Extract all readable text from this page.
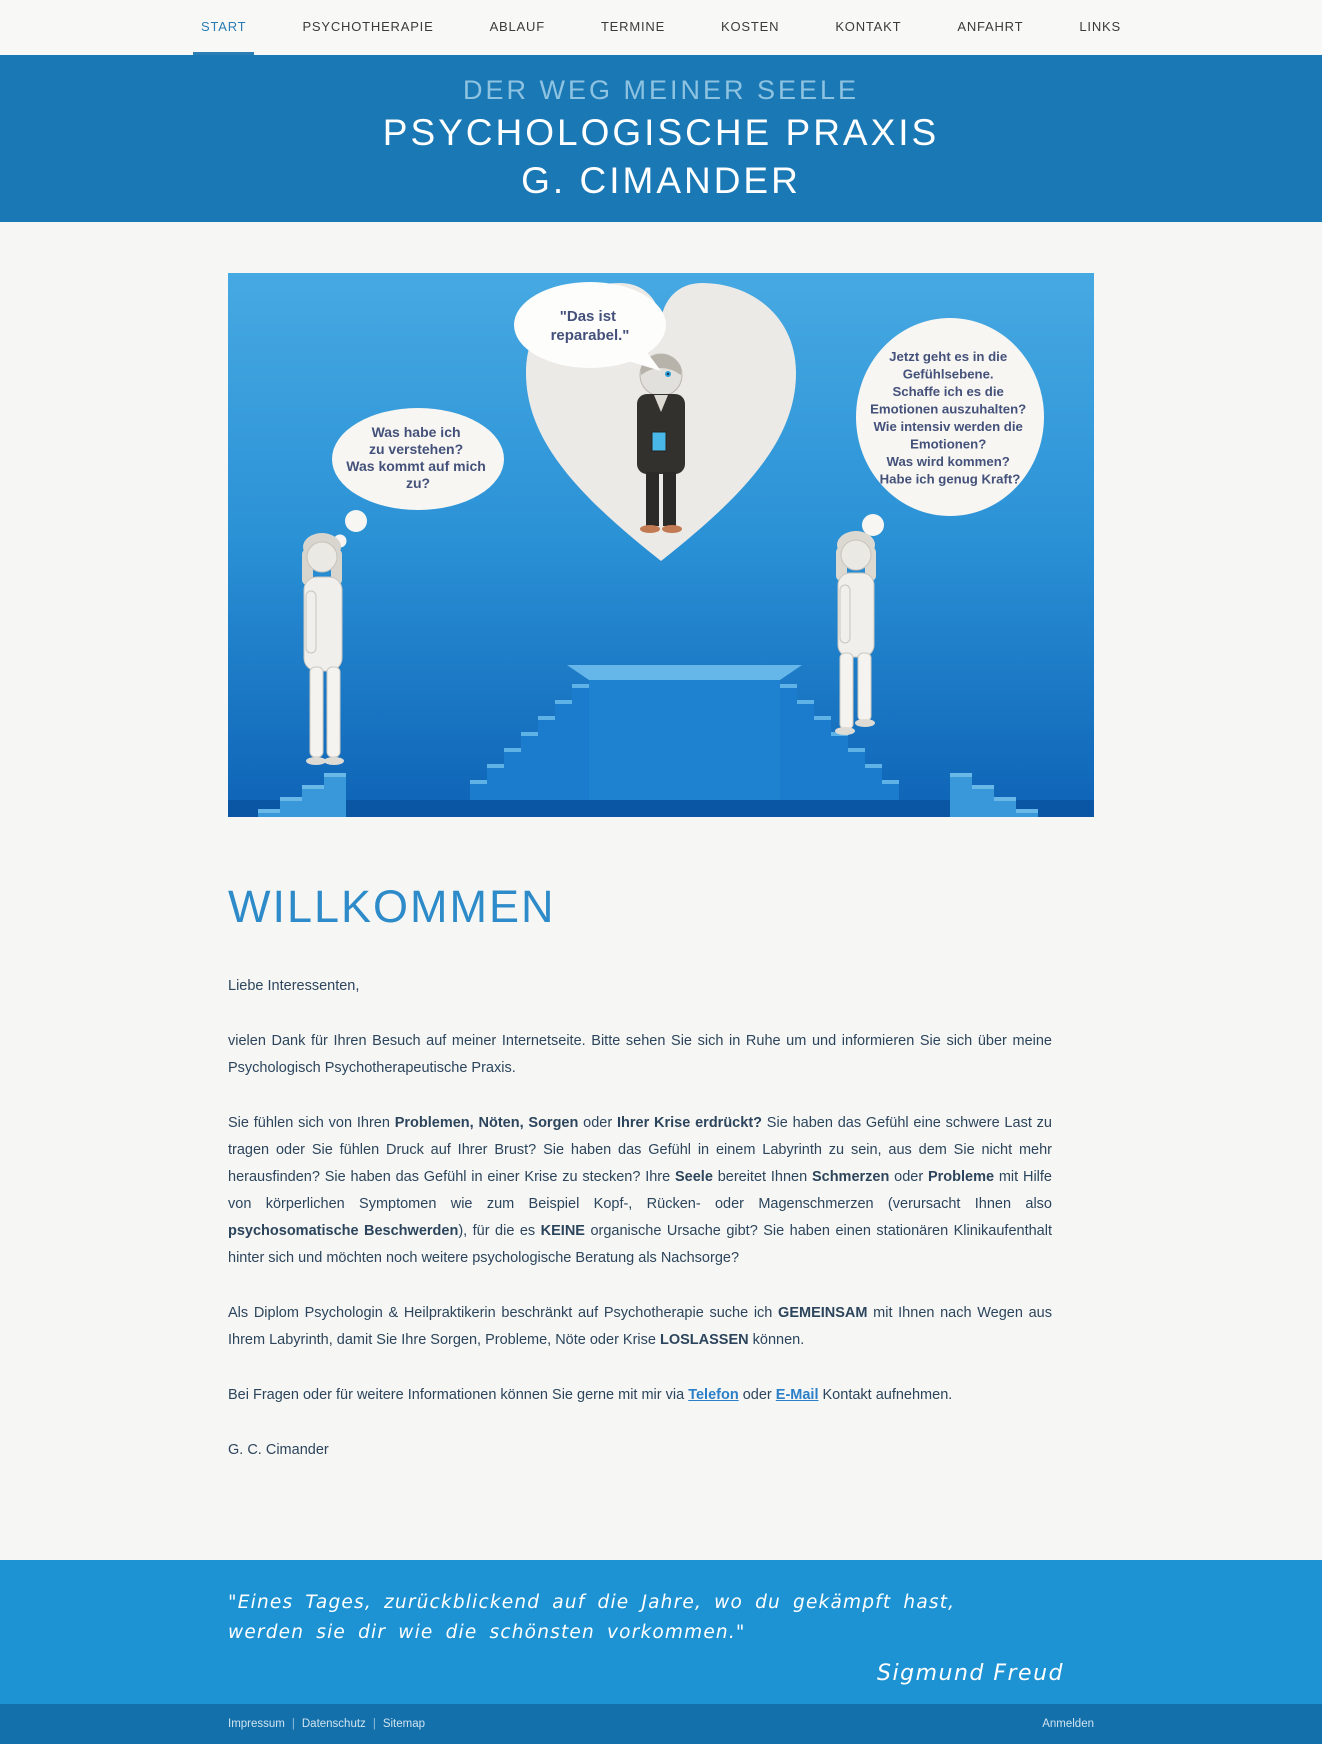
START	PSYCHOTHERAPIE	ABLAUF	TERMINE	KOSTEN	KONTAKT	ANFAHRT	LINKS
DER WEG MEINER SEELE
PSYCHOLOGISCHE PRAXIS
G. CIMANDER
"Das ist reparabel."
Was habe ich zu verstehen? Was kommt auf mich zu?
Jetzt geht es in die Gefühlsebene. Schaffe ich es die Emotionen auszuhalten? Wie intensiv werden die Emotionen? Was wird kommen? Habe ich genug Kraft?
WILLKOMMEN

Liebe Interessenten,

vielen Dank für Ihren Besuch auf meiner Internetseite. Bitte sehen Sie sich in Ruhe um und informieren Sie sich über meine Psychologisch Psychotherapeutische Praxis.

Sie fühlen sich von Ihren Problemen, Nöten, Sorgen oder Ihrer Krise erdrückt? Sie haben das Gefühl eine schwere Last zu tragen oder Sie fühlen Druck auf Ihrer Brust? Sie haben das Gefühl in einem Labyrinth zu sein, aus dem Sie nicht mehr herausfinden? Sie haben das Gefühl in einer Krise zu stecken? Ihre Seele bereitet Ihnen Schmerzen oder Probleme mit Hilfe von körperlichen Symptomen wie zum Beispiel Kopf-, Rücken- oder Magenschmerzen (verursacht Ihnen also psychosomatische Beschwerden), für die es KEINE organische Ursache gibt? Sie haben einen stationären Klinikaufenthalt hinter sich und möchten noch weitere psychologische Beratung als Nachsorge?

Als Diplom Psychologin & Heilpraktikerin beschränkt auf Psychotherapie suche ich GEMEINSAM mit Ihnen nach Wegen aus Ihrem Labyrinth, damit Sie Ihre Sorgen, Probleme, Nöte oder Krise LOSLASSEN können.

Bei Fragen oder für weitere Informationen können Sie gerne mit mir via Telefon oder E-Mail Kontakt aufnehmen.

G. C. Cimander

"Eines Tages, zurückblickend auf die Jahre, wo du gekämpft hast, werden sie dir wie die schönsten vorkommen."
Sigmund Freud
Impressum | Datenschutz | Sitemap	Anmelden
